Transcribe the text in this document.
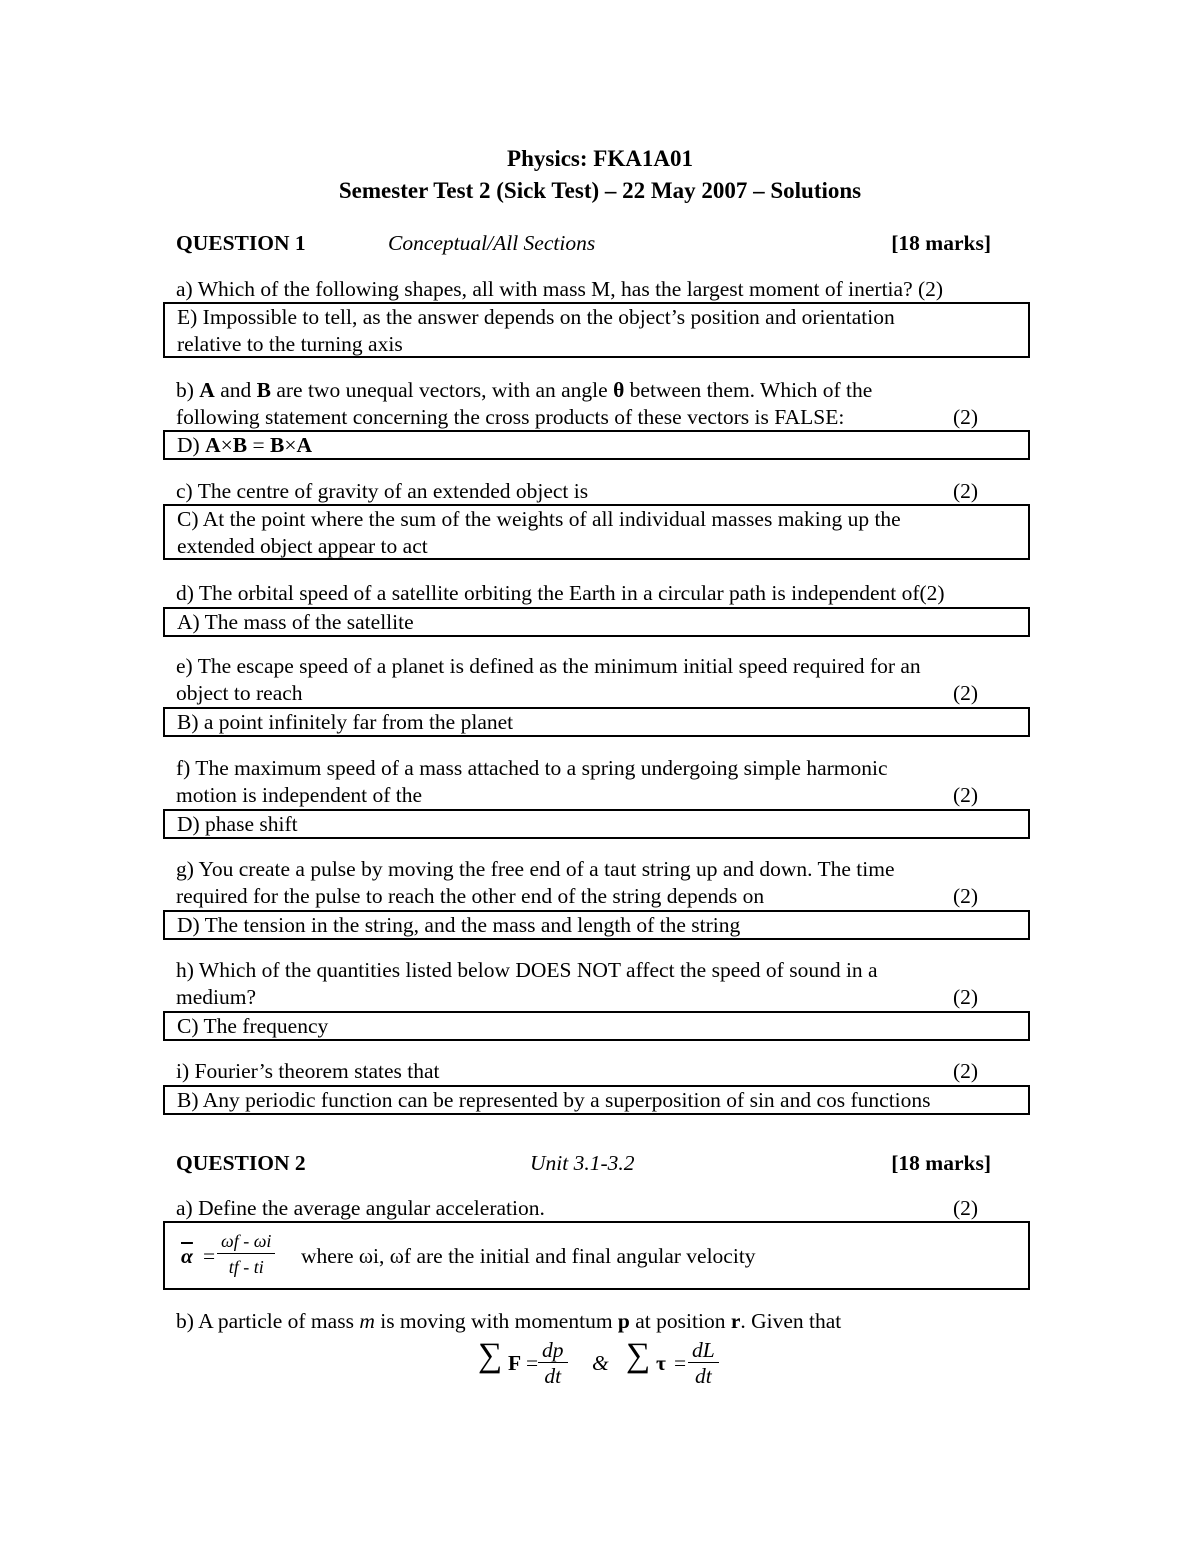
Physics: FKA1A01
Semester Test 2 (Sick Test) – 22 May 2007 – Solutions
QUESTION 1	Conceptual/All Sections	[18 marks]
a) Which of the following shapes, all with mass M, has the largest moment of inertia? (2)
E) Impossible to tell, as the answer depends on the object’s position and orientation
relative to the turning axis
b) A and B are two unequal vectors, with an angle θ between them. Which of the
following statement concerning the cross products of these vectors is FALSE:	(2)
D) A×B = B×A
c) The centre of gravity of an extended object is	(2)
C) At the point where the sum of the weights of all individual masses making up the
extended object appear to act
d) The orbital speed of a satellite orbiting the Earth in a circular path is independent of(2)
A) The mass of the satellite
e) The escape speed of a planet is defined as the minimum initial speed required for an
object to reach	(2)
B) a point infinitely far from the planet
f) The maximum speed of a mass attached to a spring undergoing simple harmonic
motion is independent of the	(2)
D) phase shift
g) You create a pulse by moving the free end of a taut string up and down. The time
required for the pulse to reach the other end of the string depends on	(2)
D) The tension in the string, and the mass and length of the string
h) Which of the quantities listed below DOES NOT affect the speed of sound in a
medium?	(2)
C) The frequency
i) Fourier’s theorem states that	(2)
B) Any periodic function can be represented by a superposition of sin and cos functions
QUESTION 2	Unit 3.1-3.2	[18 marks]
a) Define the average angular acceleration.	(2)
$\overline{\alpha} = \frac{\omega f - \omega i}{tf - ti}$ where ωi, ωf are the initial and final angular velocity
b) A particle of mass m is moving with momentum p at position r. Given that
∑ $F = \frac{dp}{dt}$ & ∑ $\tau = \frac{dL}{dt}$
